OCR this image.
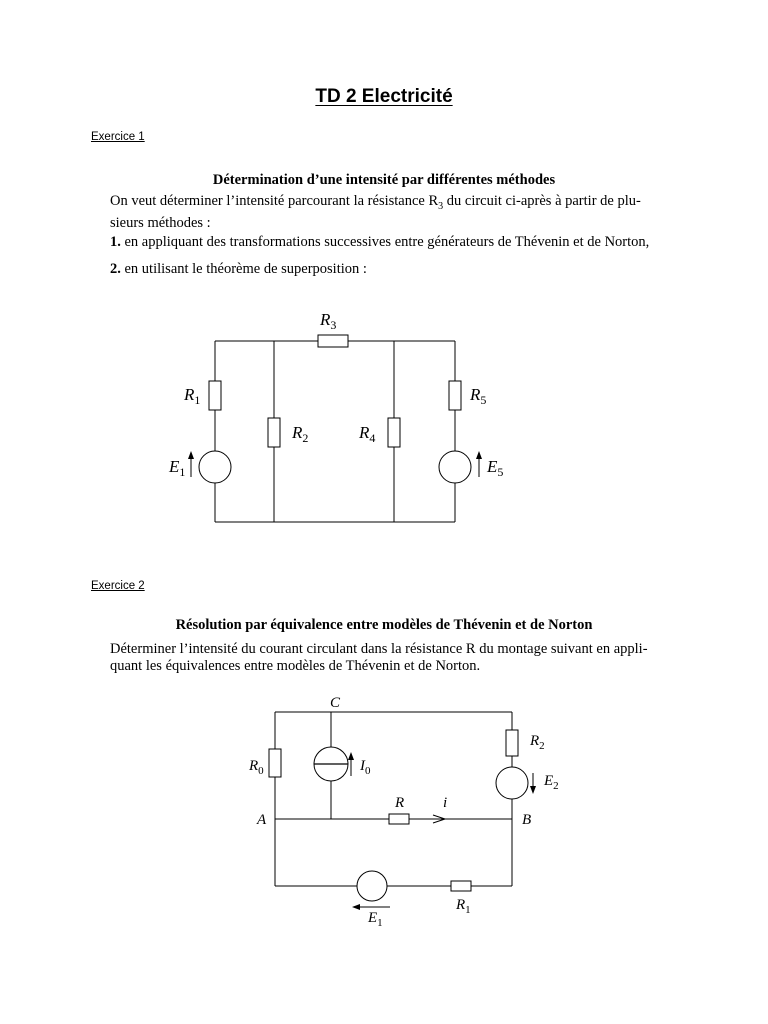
TD 2 Electricité
Exercice 1
Détermination d’une intensité par différentes méthodes
On veut déterminer l’intensité parcourant la résistance $R_3$ du circuit ci-après à partir de plu-
sieurs méthodes :
1. en appliquant des transformations successives entre générateurs de Thévenin et de Norton,
2. en utilisant le théorème de superposition :
$R_3$
$R_1$
$R_2$	$R_4$
$R_5$
$E_1$	$E_5$
Exercice 2
Résolution par équivalence entre modèles de Thévenin et de Norton
Déterminer l’intensité du courant circulant dans la résistance R du montage suivant en appli-
quant les équivalences entre modèles de Thévenin et de Norton.
C
A	B
R	i
$R_0$	$I_0$
$R_2$
$E_2$
$R_1$
$E_1$
